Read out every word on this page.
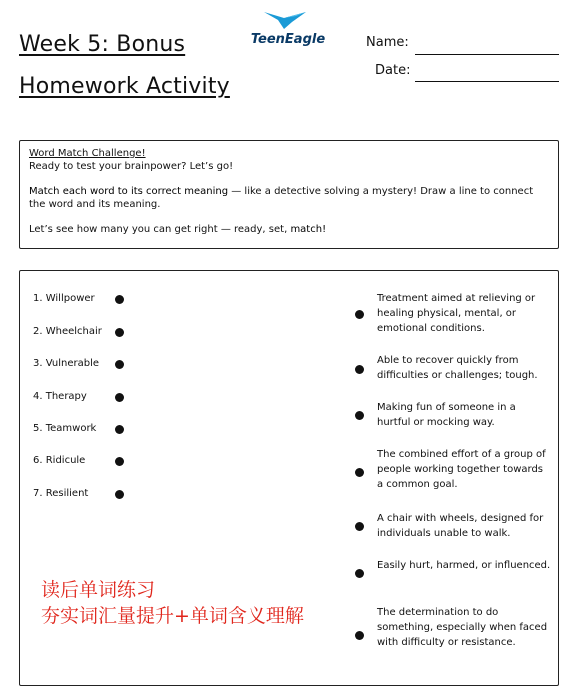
Week 5: Bonus
Homework Activity
TeenEagle	Name:
Date:

Word Match Challenge!

Ready to test your brainpower? Let’s go!

Match each word to its correct meaning — like a detective solving a mystery! Draw a line to connect the word and its meaning.

Let’s see how many you can get right — ready, set, match!

1. Willpower
2. Wheelchair
3. Vulnerable
4. Therapy
5. Teamwork
6. Ridicule
7. Resilient
Treatment aimed at relieving or healing physical, mental, or emotional conditions.
Able to recover quickly from difficulties or challenges; tough.
Making fun of someone in a hurtful or mocking way.
The combined effort of a group of people working together towards a common goal.
A chair with wheels, designed for individuals unable to walk.
Easily hurt, harmed, or influenced.
The determination to do something, especially when faced with difficulty or resistance.
读后单词练习
夯实词汇量提升+单词含义理解
